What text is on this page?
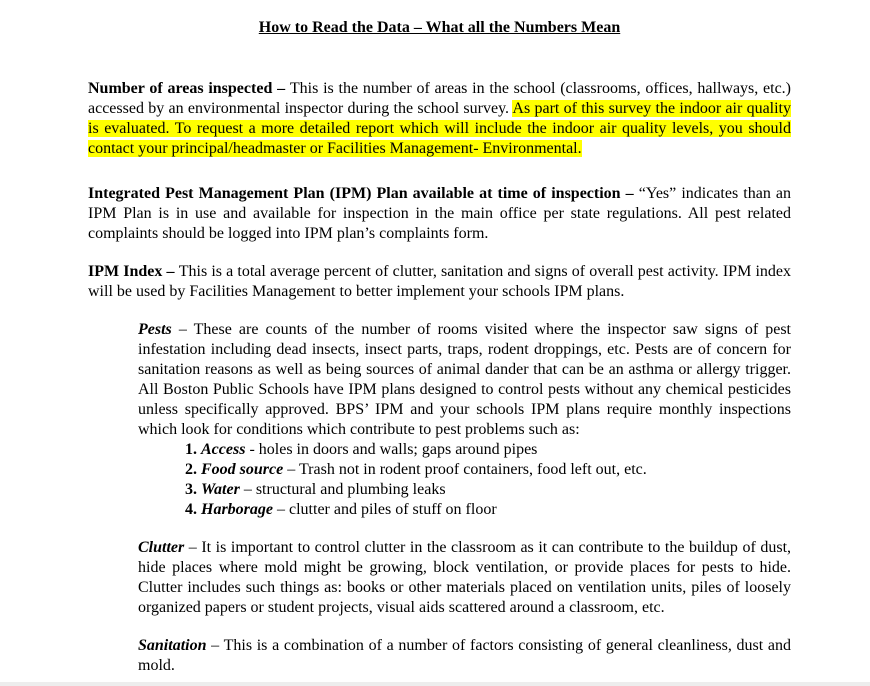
How to Read the Data – What all the Numbers Mean

Number of areas inspected – This is the number of areas in the school (classrooms, offices, hallways, etc.) accessed by an environmental inspector during the school survey. As part of this survey the indoor air quality is evaluated. To request a more detailed report which will include the indoor air quality levels, you should contact your principal/headmaster or Facilities Management- Environmental.

Integrated Pest Management Plan (IPM) Plan available at time of inspection – “Yes” indicates than an IPM Plan is in use and available for inspection in the main office per state regulations. All pest related complaints should be logged into IPM plan’s complaints form.

IPM Index – This is a total average percent of clutter, sanitation and signs of overall pest activity. IPM index will be used by Facilities Management to better implement your schools IPM plans.

Pests – These are counts of the number of rooms visited where the inspector saw signs of pest infestation including dead insects, insect parts, traps, rodent droppings, etc. Pests are of concern for sanitation reasons as well as being sources of animal dander that can be an asthma or allergy trigger. All Boston Public Schools have IPM plans designed to control pests without any chemical pesticides unless specifically approved. BPS’ IPM and your schools IPM plans require monthly inspections which look for conditions which contribute to pest problems such as:

1. Access - holes in doors and walls; gaps around pipes
2. Food source – Trash not in rodent proof containers, food left out, etc.
3. Water – structural and plumbing leaks
4. Harborage – clutter and piles of stuff on floor

Clutter – It is important to control clutter in the classroom as it can contribute to the buildup of dust, hide places where mold might be growing, block ventilation, or provide places for pests to hide. Clutter includes such things as: books or other materials placed on ventilation units, piles of loosely organized papers or student projects, visual aids scattered around a classroom, etc.

Sanitation – This is a combination of a number of factors consisting of general cleanliness, dust and mold.
